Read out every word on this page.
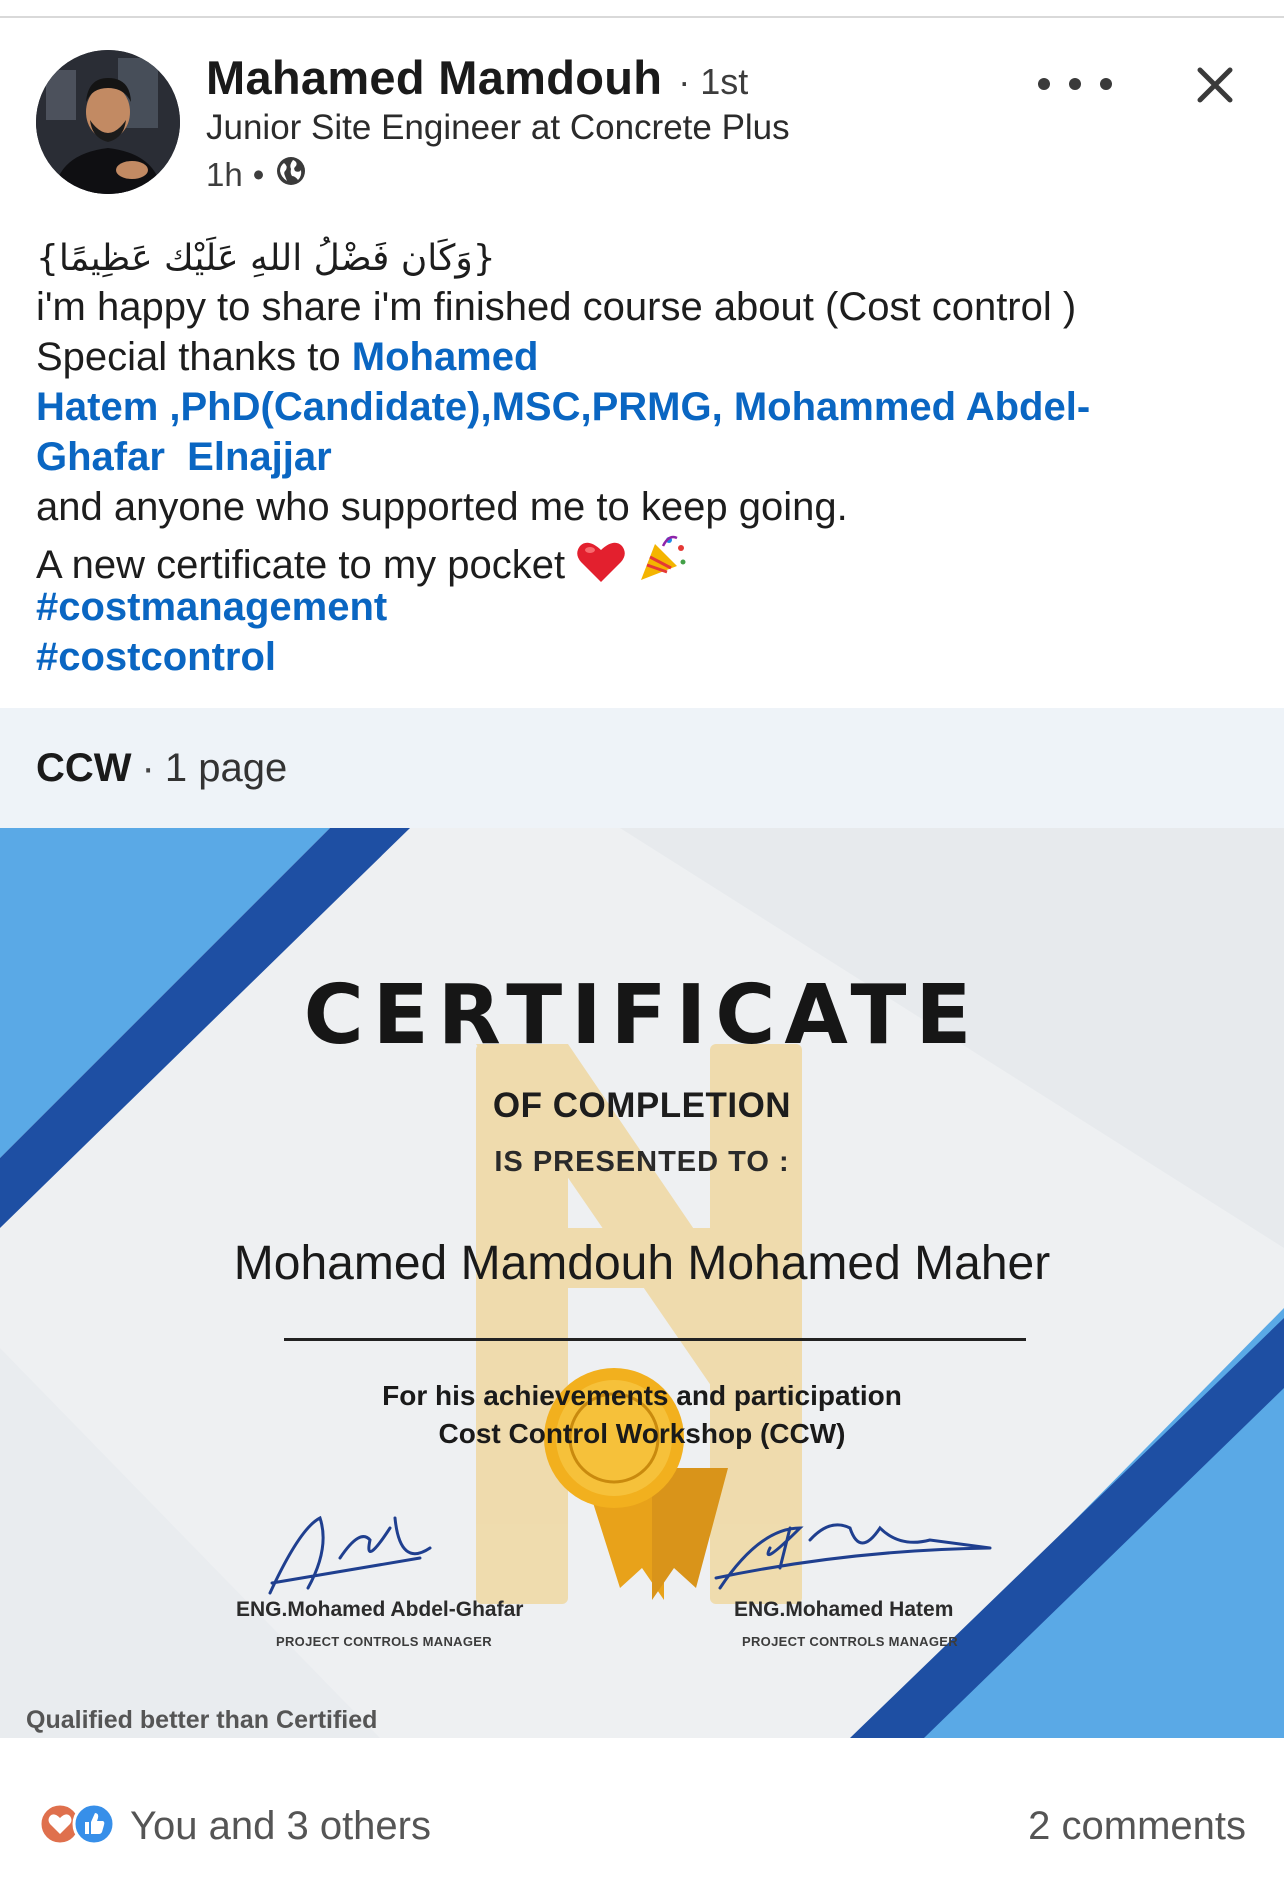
Mahamed Mamdouh · 1st
Junior Site Engineer at Concrete Plus
1h •
{وَكَان فَضْلُ اللهِ عَلَيْك عَظِيمًا}
i'm happy to share i'm finished course about (Cost control )
Special thanks to Mohamed
Hatem ,PhD(Candidate),MSC,PRMG, Mohammed Abdel-
Ghafar  Elnajjar
and anyone who supported me to keep going.
A new certificate to my pocket
#costmanagement
#costcontrol
CCW · 1 page
CERTIFICATE
OF COMPLETION
IS PRESENTED TO :
Mohamed Mamdouh Mohamed Maher
For his achievements and participation
Cost Control Workshop (CCW)
ENG.Mohamed Abdel-Ghafar
PROJECT CONTROLS MANAGER
ENG.Mohamed Hatem
PROJECT CONTROLS MANAGER
Qualified better than Certified
You and 3 others	2 comments
